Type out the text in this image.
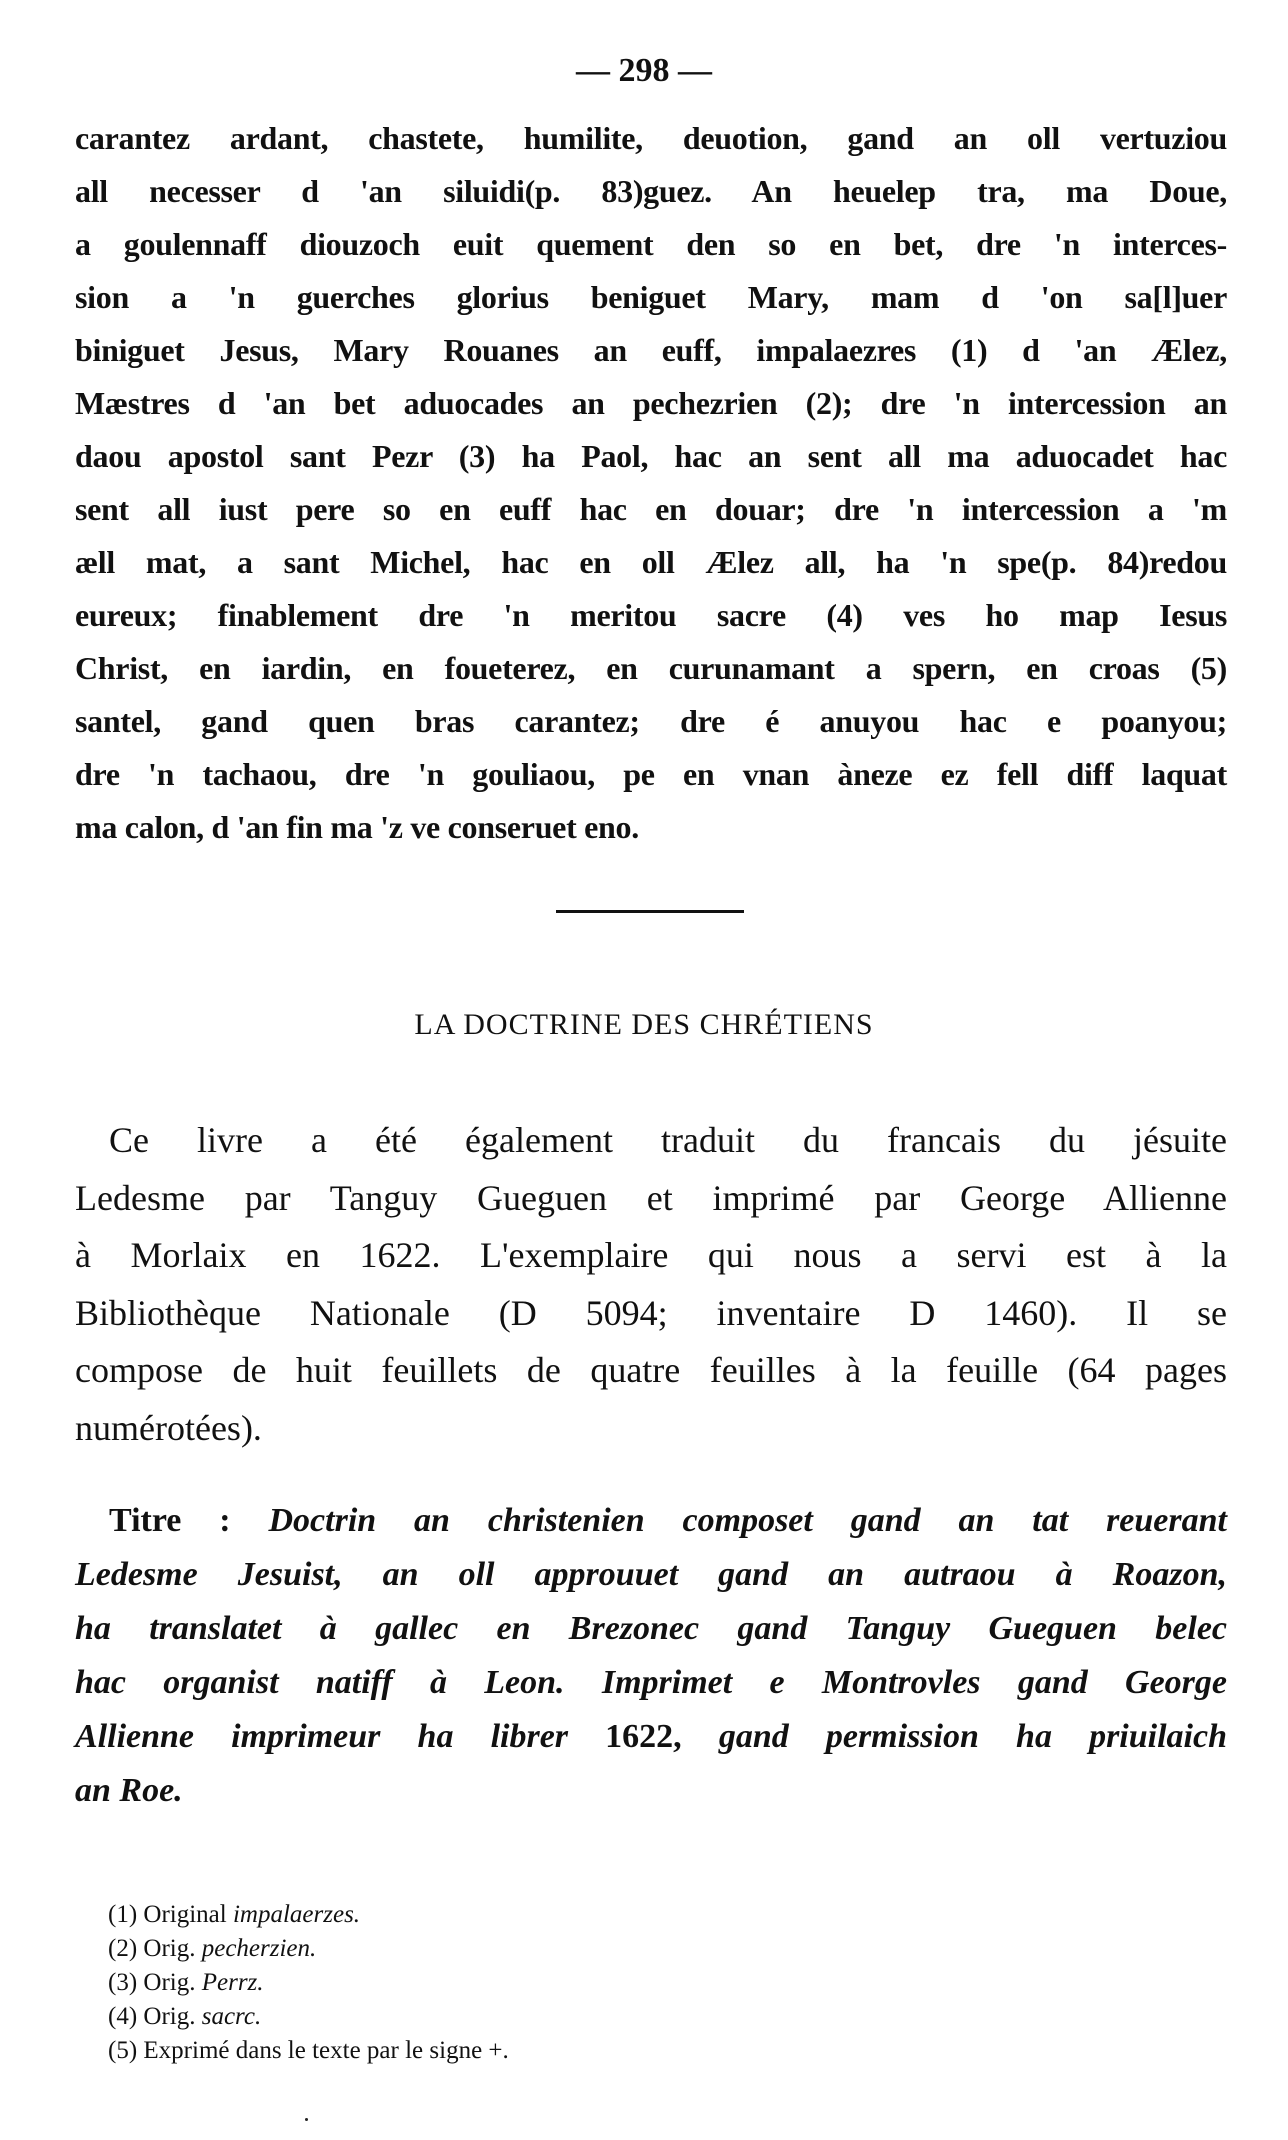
— 298 —
carantez ardant, chastete, humilite, deuotion, gand an oll vertuziou
all necesser d 'an siluidi(p. 83)guez. An heuelep tra, ma Doue,
a goulennaff diouzoch euit quement den so en bet, dre 'n interces-
sion a 'n guerches glorius beniguet Mary, mam d 'on sa[l]uer
biniguet Jesus, Mary Rouanes an euff, impalaezres (1) d 'an Ælez,
Mæstres d 'an bet aduocades an pechezrien (2); dre 'n intercession an
daou apostol sant Pezr (3) ha Paol, hac an sent all ma aduocadet hac
sent all iust pere so en euff hac en douar; dre 'n intercession a 'm
æll mat, a sant Michel, hac en oll Ælez all, ha 'n spe(p. 84)redou
eureux; finablement dre 'n meritou sacre (4) ves ho map Iesus
Christ, en iardin, en foueterez, en curunamant a spern, en croas (5)
santel, gand quen bras carantez; dre é anuyou hac e poanyou;
dre 'n tachaou, dre 'n gouliaou, pe en vnan àneze ez fell diff laquat
ma calon, d 'an fin ma 'z ve conseruet eno.
LA DOCTRINE DES CHRÉTIENS
Ce livre a été également traduit du francais du jésuite
Ledesme par Tanguy Gueguen et imprimé par George Allienne
à Morlaix en 1622. L'exemplaire qui nous a servi est à la
Bibliothèque Nationale (D 5094; inventaire D 1460). Il se
compose de huit feuillets de quatre feuilles à la feuille (64 pages
numérotées).
Titre : Doctrin an christenien composet gand an tat reuerant
Ledesme Jesuist, an oll approuuet gand an autraou à Roazon,
ha translatet à gallec en Brezonec gand Tanguy Gueguen belec
hac organist natiff à Leon. Imprimet e Montrovles gand George
Allienne imprimeur ha librer 1622, gand permission ha priuilaich
an Roe.
(1) Original impalaerzes.
(2) Orig. pecherzien.
(3) Orig. Perrz.
(4) Orig. sacrc.
(5) Exprimé dans le texte par le signe +.
